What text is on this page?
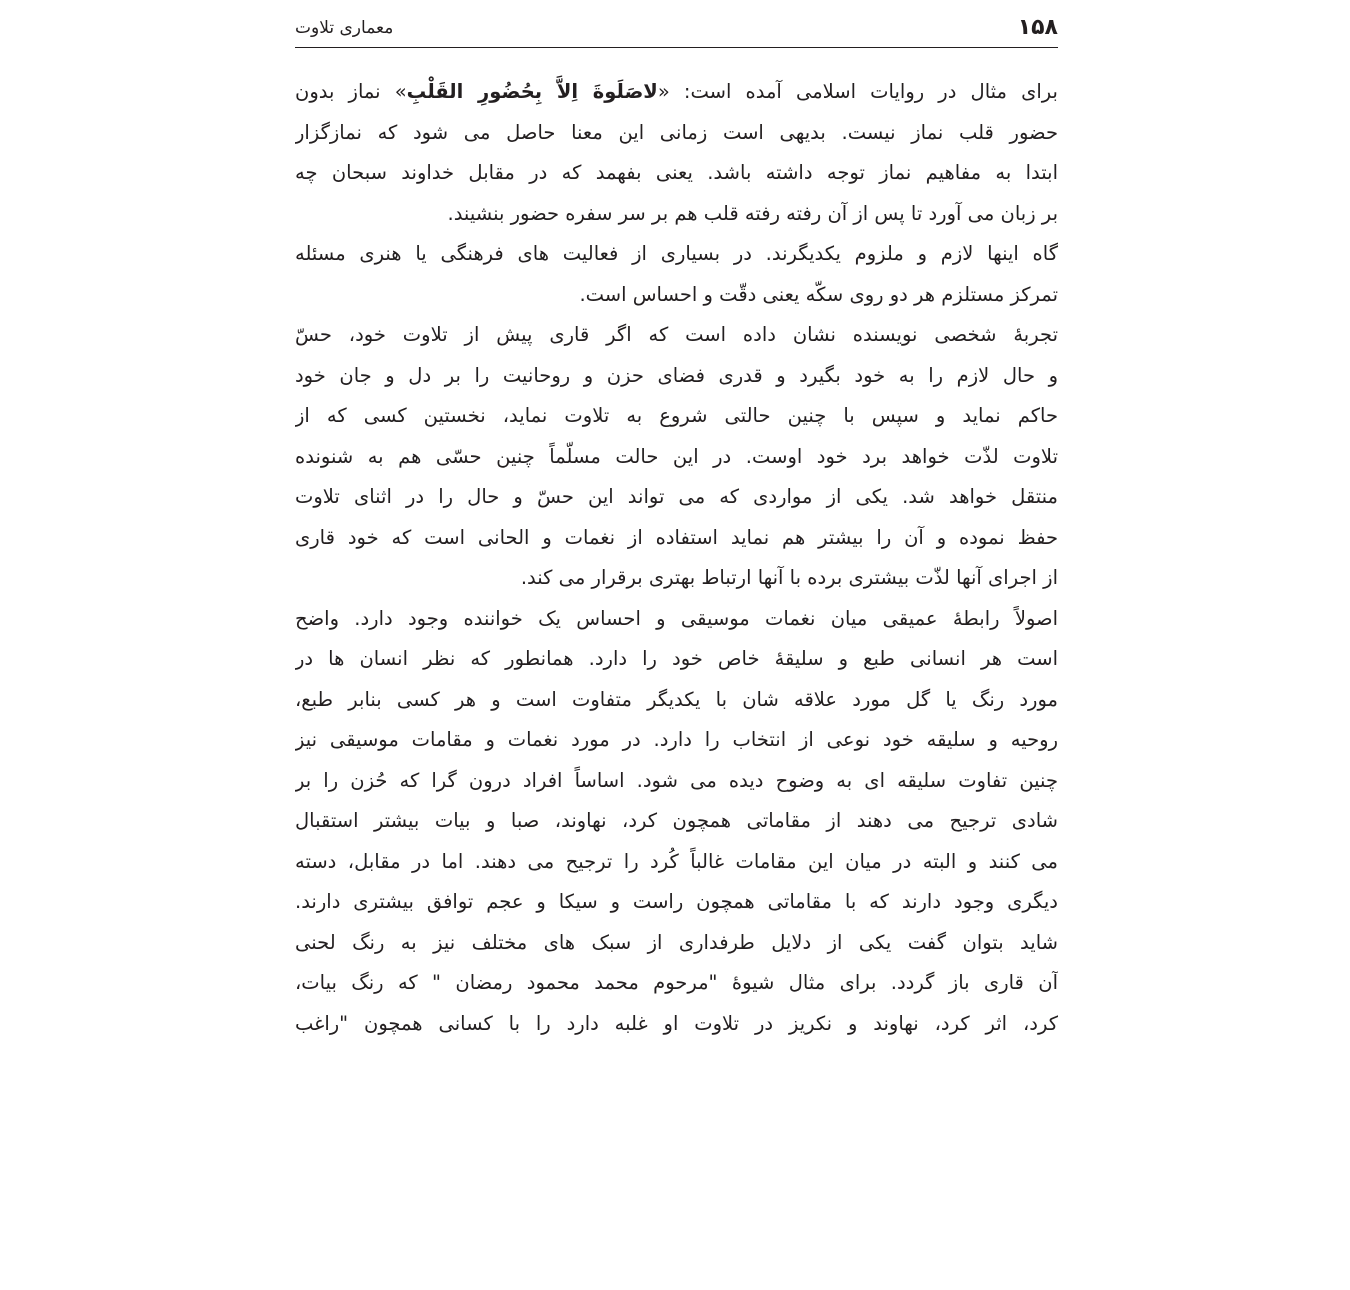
۱۵۸
معماری تلاوت
برای مثال در روایات اسلامی آمده است: «لاصَلَوةَ اِلاَّ بِحُضُورِ القَلْبِ» نماز بدون
حضور قلب نماز نیست. بدیهی است زمانی این معنا حاصل می شود که نمازگزار
ابتدا به مفاهیم نماز توجه داشته باشد. یعنی بفهمد که در مقابل خداوند سبحان چه
بر زبان می آورد تا پس از آن رفته رفته قلب هم بر سر سفره حضور بنشیند.
گاه اینها لازم و ملزوم یکدیگرند. در بسیاری از فعالیت های فرهنگی یا هنری مسئله
تمرکز مستلزم هر دو روی سکّه یعنی دقّت و احساس است.
تجربۀ شخصی نویسنده نشان داده است که اگر قاری پیش از تلاوت خود، حسّ
و حال لازم را به خود بگیرد و قدری فضای حزن و روحانیت را بر دل و جان خود
حاکم نماید و سپس با چنین حالتی شروع به تلاوت نماید، نخستین کسی که از
تلاوت لذّت خواهد برد خود اوست. در این حالت مسلّماً چنین حسّی هم به شنونده
منتقل خواهد شد. یکی از مواردی که می تواند این حسّ و حال را در اثنای تلاوت
حفظ نموده و آن را بیشتر هم نماید استفاده از نغمات و الحانی است که خود قاری
از اجرای آنها لذّت بیشتری برده با آنها ارتباط بهتری برقرار می کند.
اصولاً رابطۀ عمیقی میان نغمات موسیقی و احساس یک خواننده وجود دارد. واضح
است هر انسانی طبع و سلیقۀ خاص خود را دارد. همانطور که نظر انسان ها در
مورد رنگ یا گل مورد علاقه شان با یکدیگر متفاوت است و هر کسی بنابر طبع،
روحیه و سلیقه خود نوعی از انتخاب را دارد. در مورد نغمات و مقامات موسیقی نیز
چنین تفاوت سلیقه ای به وضوح دیده می شود. اساساً افراد درون گرا که حُزن را بر
شادی ترجیح می دهند از مقاماتی همچون کرد، نهاوند، صبا و بیات بیشتر استقبال
می کنند و البته در میان این مقامات غالباً کُرد را ترجیح می دهند. اما در مقابل، دسته
دیگری وجود دارند که با مقاماتی همچون راست و سیکا و عجم توافق بیشتری دارند.
شاید بتوان گفت یکی از دلایل طرفداری از سبک های مختلف نیز به رنگ لحنی
آن قاری باز گردد. برای مثال شیوۀ "مرحوم محمد محمود رمضان " که رنگ بیات،
کرد، اثر کرد، نهاوند و نکریز در تلاوت او غلبه دارد را با کسانی همچون "راغب
